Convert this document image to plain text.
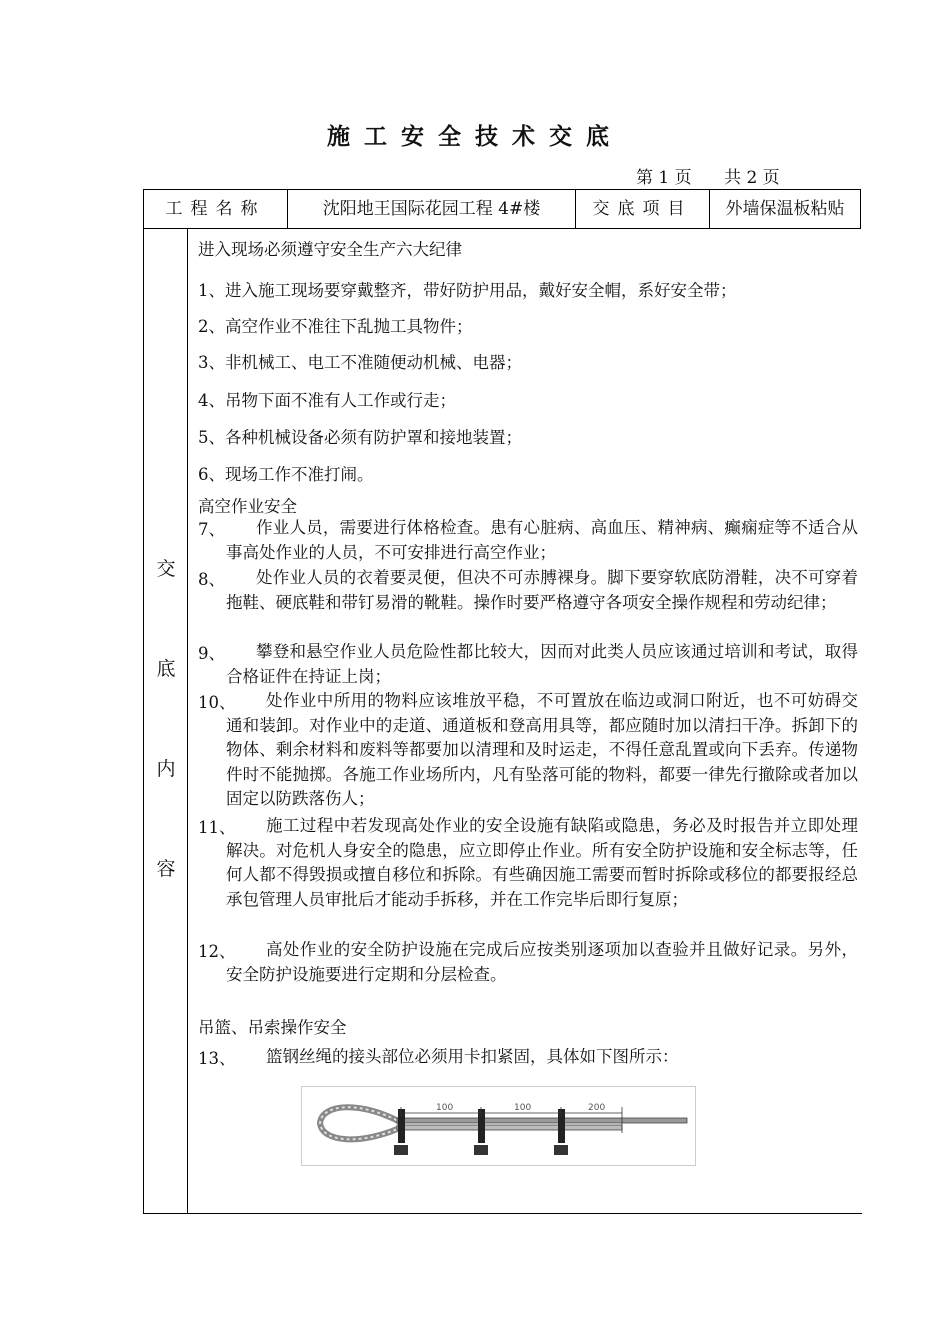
施工安全技术交底
第 1 页 共 2 页
工程名称	沈阳地王国际花园工程 4#楼	交底项目	外墙保温板粘贴
交
底
内
容
进入现场必须遵守安全生产六大纪律
1、进入施工现场要穿戴整齐，带好防护用品，戴好安全帽，系好安全带；
2、高空作业不准往下乱抛工具物件；
3、非机械工、电工不准随便动机械、电器；
4、吊物下面不准有人工作或行走；
5、各种机械设备必须有防护罩和接地装置；
6、现场工作不准打闹。
高空作业安全
7、	作业人员，需要进行体格检查。患有心脏病、高血压、精神病、癫痫症等不适合从事高处作业的人员，不可安排进行高空作业；
8、	处作业人员的衣着要灵便，但决不可赤膊裸身。脚下要穿软底防滑鞋，决不可穿着拖鞋、硬底鞋和带钉易滑的靴鞋。操作时要严格遵守各项安全操作规程和劳动纪律；
9、	攀登和悬空作业人员危险性都比较大，因而对此类人员应该通过培训和考试，取得合格证件在持证上岗；
10、	处作业中所用的物料应该堆放平稳，不可置放在临边或洞口附近，也不可妨碍交通和装卸。对作业中的走道、通道板和登高用具等，都应随时加以清扫干净。拆卸下的物体、剩余材料和废料等都要加以清理和及时运走，不得任意乱置或向下丢弃。传递物件时不能抛掷。各施工作业场所内，凡有坠落可能的物料，都要一律先行撤除或者加以固定以防跌落伤人；
11、	施工过程中若发现高处作业的安全设施有缺陷或隐患，务必及时报告并立即处理解决。对危机人身安全的隐患，应立即停止作业。所有安全防护设施和安全标志等，任何人都不得毁损或擅自移位和拆除。有些确因施工需要而暂时拆除或移位的都要报经总承包管理人员审批后才能动手拆移，并在工作完毕后即行复原；
12、	高处作业的安全防护设施在完成后应按类别逐项加以查验并且做好记录。另外，安全防护设施要进行定期和分层检查。
吊篮、吊索操作安全
13、	篮钢丝绳的接头部位必须用卡扣紧固，具体如下图所示：
100	100	200
